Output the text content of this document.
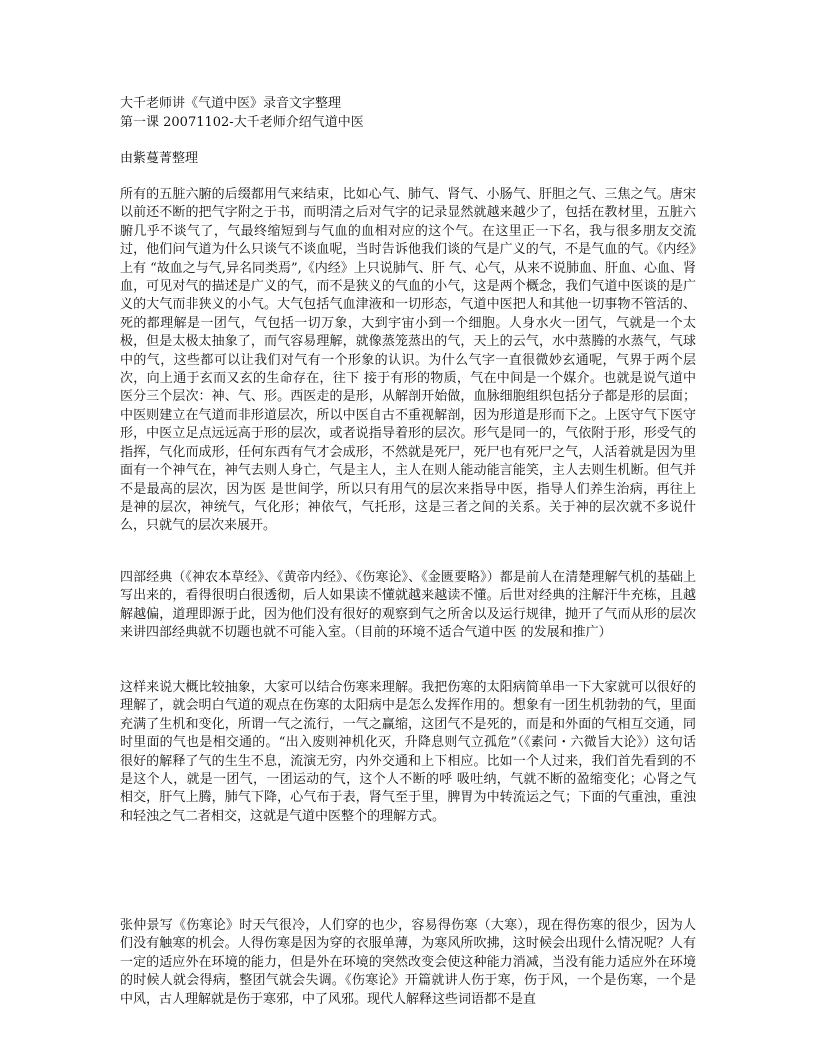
大千老师讲《气道中医》录音文字整理

第一课 20071102-大千老师介绍气道中医

由紫蔓菁整理

所有的五脏六腑的后缀都用气来结束，比如心气、肺气、肾气、小肠气、肝胆之气、三焦之气。唐宋以前还不断的把气字附之于书，而明清之后对气字的记录显然就越来越少了，包括在教材里，五脏六腑几乎不谈气了，气最终缩短到与气血的血相对应的这个气。在这里正一下名，我与很多朋友交流过，他们问气道为什么只谈气不谈血呢，当时告诉他我们谈的气是广义的气，不是气血的气。《内经》上有 “故血之与气,异名同类焉”,《内经》上只说肺气、肝 气、心气，从来不说肺血、肝血、心血、肾血，可见对气的描述是广义的气，而不是狭义的气血的小气，这是两个概念，我们气道中医谈的是广义的大气而非狭义的小气。大气包括气血津液和一切形态，气道中医把人和其他一切事物不管活的、死的都理解是一团气，气包括一切万象，大到宇宙小到一个细胞。人身水火一团气，气就是一个太极，但是太极太抽象了，而气容易理解，就像蒸笼蒸出的气，天上的云气，水中蒸腾的水蒸气，气球中的气，这些都可以让我们对气有一个形象的认识。为什么气字一直很微妙玄通呢，气界于两个层次，向上通于玄而又玄的生命存在，往下 接于有形的物质，气在中间是一个媒介。也就是说气道中医分三个层次：神、气、形。西医走的是形，从解剖开始做，血脉细胞组织包括分子都是形的层面；中医则建立在气道而非形道层次，所以中医自古不重视解剖，因为形道是形而下之。上医守气下医守形，中医立足点远远高于形的层次，或者说指导着形的层次。形气是同一的，气依附于形，形受气的指挥，气化而成形，任何东西有气才会成形，不然就是死尸，死尸也有死尸之气，人活着就是因为里面有一个神气在，神气去则人身亡，气是主人，主人在则人能动能言能笑，主人去则生机断。但气并不是最高的层次，因为医 是世间学，所以只有用气的层次来指导中医，指导人们养生治病，再往上是神的层次，神统气，气化形；神依气，气托形，这是三者之间的关系。关于神的层次就不多说什么，只就气的层次来展开。

四部经典（《神农本草经》、《黄帝内经》、《伤寒论》、《金匮要略》）都是前人在清楚理解气机的基础上写出来的，看得很明白很透彻，后人如果读不懂就越来越读不懂。后世对经典的注解汗牛充栋，且越解越偏，道理即源于此，因为他们没有很好的观察到气之所舍以及运行规律，抛开了气而从形的层次来讲四部经典就不切题也就不可能入室。（目前的环境不适合气道中医 的发展和推广）

这样来说大概比较抽象，大家可以结合伤寒来理解。我把伤寒的太阳病简单串一下大家就可以很好的理解了，就会明白气道的观点在伤寒的太阳病中是怎么发挥作用的。想象有一团生机勃勃的气，里面充满了生机和变化，所谓一气之流行，一气之赢缩，这团气不是死的，而是和外面的气相互交通，同时里面的气也是相交通的。“出入废则神机化灭，升降息则气立孤危”（《素问・六微旨大论》）这句话很好的解释了气的生生不息，流演无穷，内外交通和上下相应。比如一个人过来，我们首先看到的不是这个人，就是一团气，一团运动的气，这个人不断的呼 吸吐纳，气就不断的盈缩变化；心肾之气相交，肝气上腾，肺气下降，心气布于表，肾气至于里，脾胃为中转流运之气；下面的气重浊，重浊和轻浊之气二者相交，这就是气道中医整个的理解方式。

张仲景写《伤寒论》时天气很冷，人们穿的也少，容易得伤寒（大寒），现在得伤寒的很少，因为人们没有触寒的机会。人得伤寒是因为穿的衣服单薄，为寒风所吹拂，这时候会出现什么情况呢？人有一定的适应外在环境的能力，但是外在环境的突然改变会使这种能力消减，当没有能力适应外在环境的时候人就会得病，整团气就会失调。《伤寒论》开篇就讲人伤于寒，伤于风，一个是伤寒，一个是中风，古人理解就是伤于寒邪，中了风邪。现代人解释这些词语都不是直
